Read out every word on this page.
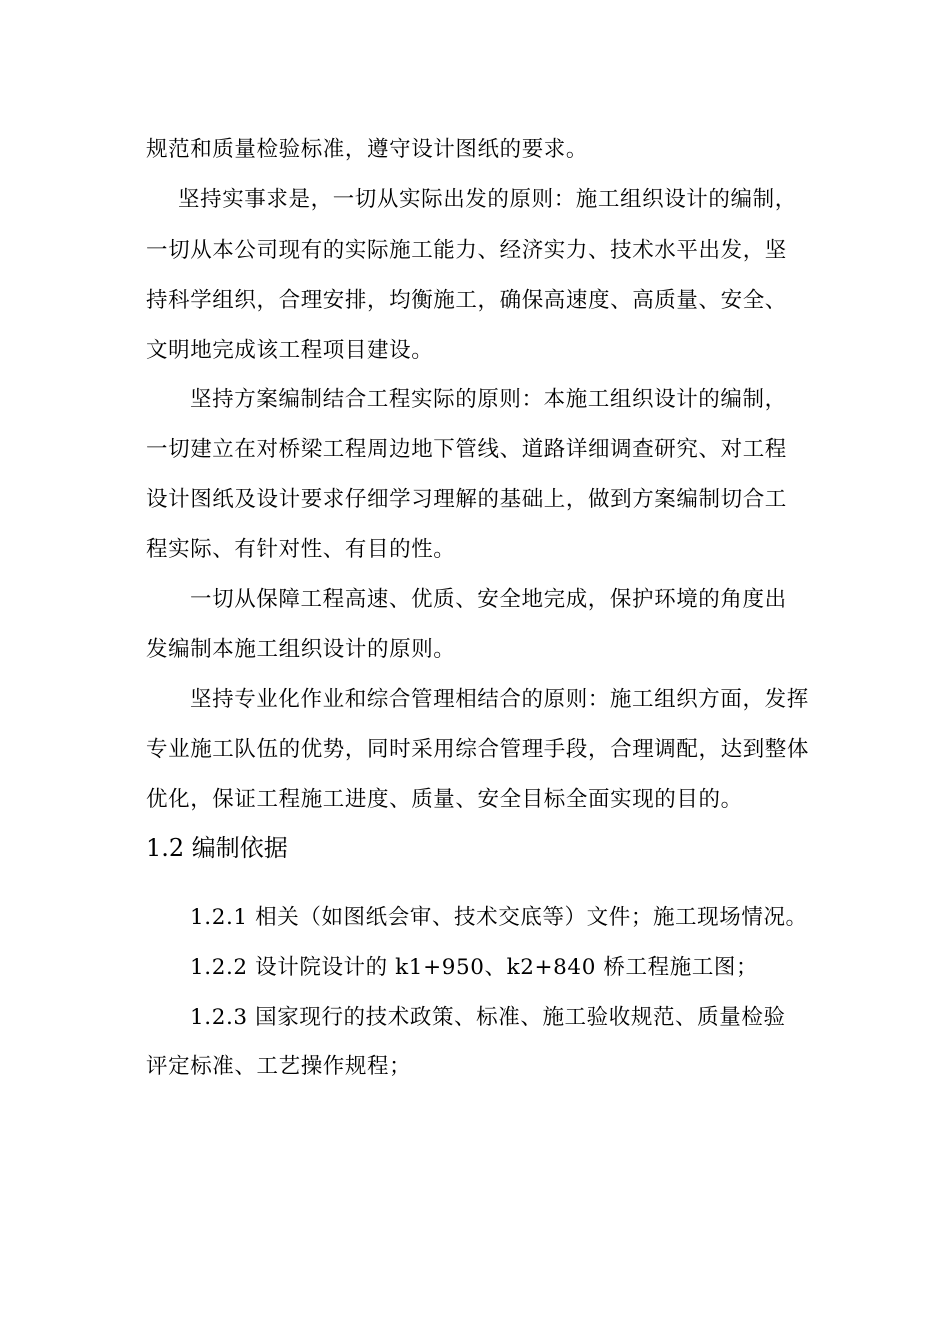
规范和质量检验标准，遵守设计图纸的要求。
坚持实事求是，一切从实际出发的原则：施工组织设计的编制，
一切从本公司现有的实际施工能力、经济实力、技术水平出发，坚
持科学组织，合理安排，均衡施工，确保高速度、高质量、安全、
文明地完成该工程项目建设。
坚持方案编制结合工程实际的原则：本施工组织设计的编制，
一切建立在对桥梁工程周边地下管线、道路详细调查研究、对工程
设计图纸及设计要求仔细学习理解的基础上，做到方案编制切合工
程实际、有针对性、有目的性。
一切从保障工程高速、优质、安全地完成，保护环境的角度出
发编制本施工组织设计的原则。
坚持专业化作业和综合管理相结合的原则：施工组织方面，发挥
专业施工队伍的优势，同时采用综合管理手段，合理调配，达到整体
优化，保证工程施工进度、质量、安全目标全面实现的目的。
1.2 编制依据
1.2.1 相关（如图纸会审、技术交底等）文件；施工现场情况。
1.2.2 设计院设计的 k1+950、k2+840 桥工程施工图；
1.2.3 国家现行的技术政策、标准、施工验收规范、质量检验
评定标准、工艺操作规程；
